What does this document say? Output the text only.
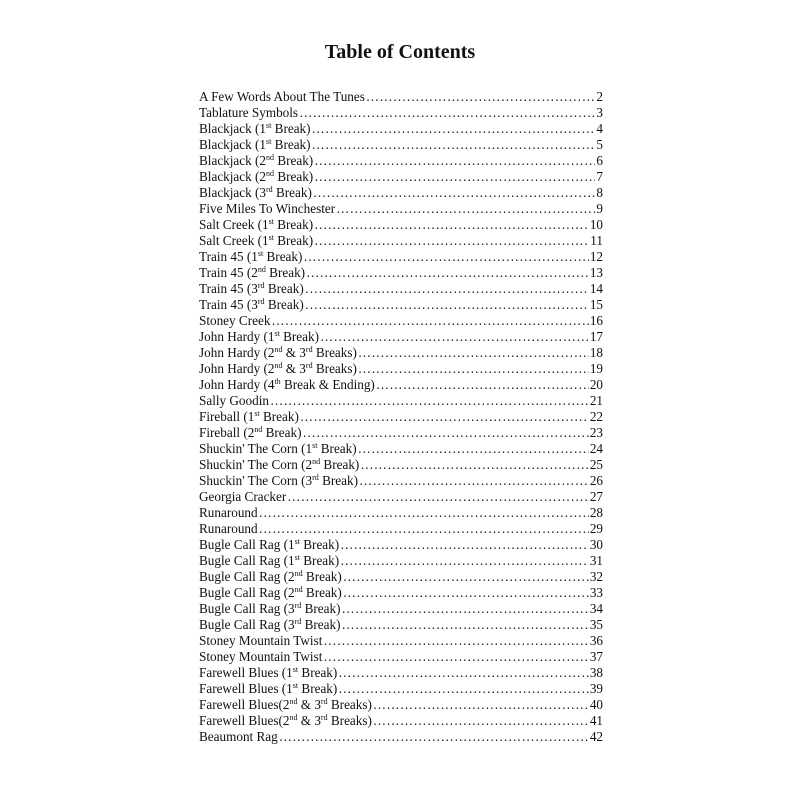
Table of Contents
A Few Words About The Tunes ……………………………………………………………………………………………………………………………………………………………………………………	2
Tablature Symbols ……………………………………………………………………………………………………………………………………………………………………………………	3
Blackjack (1st Break) ……………………………………………………………………………………………………………………………………………………………………………………	4
Blackjack (1st Break) ……………………………………………………………………………………………………………………………………………………………………………………	5
Blackjack (2nd Break) ……………………………………………………………………………………………………………………………………………………………………………………	6
Blackjack (2nd Break) ……………………………………………………………………………………………………………………………………………………………………………………	7
Blackjack (3rd Break) ……………………………………………………………………………………………………………………………………………………………………………………	8
Five Miles To Winchester ……………………………………………………………………………………………………………………………………………………………………………………	9
Salt Creek (1st Break) ……………………………………………………………………………………………………………………………………………………………………………………	10
Salt Creek (1st Break) ……………………………………………………………………………………………………………………………………………………………………………………	11
Train 45 (1st Break) ……………………………………………………………………………………………………………………………………………………………………………………	12
Train 45 (2nd Break) ……………………………………………………………………………………………………………………………………………………………………………………	13
Train 45 (3rd Break) ……………………………………………………………………………………………………………………………………………………………………………………	14
Train 45 (3rd Break) ……………………………………………………………………………………………………………………………………………………………………………………	15
Stoney Creek ……………………………………………………………………………………………………………………………………………………………………………………	16
John Hardy (1st Break) ……………………………………………………………………………………………………………………………………………………………………………………	17
John Hardy (2nd & 3rd Breaks) ……………………………………………………………………………………………………………………………………………………………………………………	18
John Hardy (2nd & 3rd Breaks) ……………………………………………………………………………………………………………………………………………………………………………………	19
John Hardy (4th Break & Ending) ……………………………………………………………………………………………………………………………………………………………………………………	20
Sally Goodin ……………………………………………………………………………………………………………………………………………………………………………………	21
Fireball (1st Break) ……………………………………………………………………………………………………………………………………………………………………………………	22
Fireball (2nd Break) ……………………………………………………………………………………………………………………………………………………………………………………	23
Shuckin' The Corn (1st Break) ……………………………………………………………………………………………………………………………………………………………………………………	24
Shuckin' The Corn (2nd Break) ……………………………………………………………………………………………………………………………………………………………………………………	25
Shuckin' The Corn (3rd Break) ……………………………………………………………………………………………………………………………………………………………………………………	26
Georgia Cracker ……………………………………………………………………………………………………………………………………………………………………………………	27
Runaround ……………………………………………………………………………………………………………………………………………………………………………………	28
Runaround ……………………………………………………………………………………………………………………………………………………………………………………	29
Bugle Call Rag (1st Break) ……………………………………………………………………………………………………………………………………………………………………………………	30
Bugle Call Rag (1st Break) ……………………………………………………………………………………………………………………………………………………………………………………	31
Bugle Call Rag (2nd Break) ……………………………………………………………………………………………………………………………………………………………………………………	32
Bugle Call Rag (2nd Break) ……………………………………………………………………………………………………………………………………………………………………………………	33
Bugle Call Rag (3rd Break) ……………………………………………………………………………………………………………………………………………………………………………………	34
Bugle Call Rag (3rd Break) ……………………………………………………………………………………………………………………………………………………………………………………	35
Stoney Mountain Twist ……………………………………………………………………………………………………………………………………………………………………………………	36
Stoney Mountain Twist ……………………………………………………………………………………………………………………………………………………………………………………	37
Farewell Blues (1st Break) ……………………………………………………………………………………………………………………………………………………………………………………	38
Farewell Blues (1st Break) ……………………………………………………………………………………………………………………………………………………………………………………	39
Farewell Blues(2nd & 3rd Breaks) ……………………………………………………………………………………………………………………………………………………………………………………	40
Farewell Blues(2nd & 3rd Breaks) ……………………………………………………………………………………………………………………………………………………………………………………	41
Beaumont Rag ……………………………………………………………………………………………………………………………………………………………………………………	42
